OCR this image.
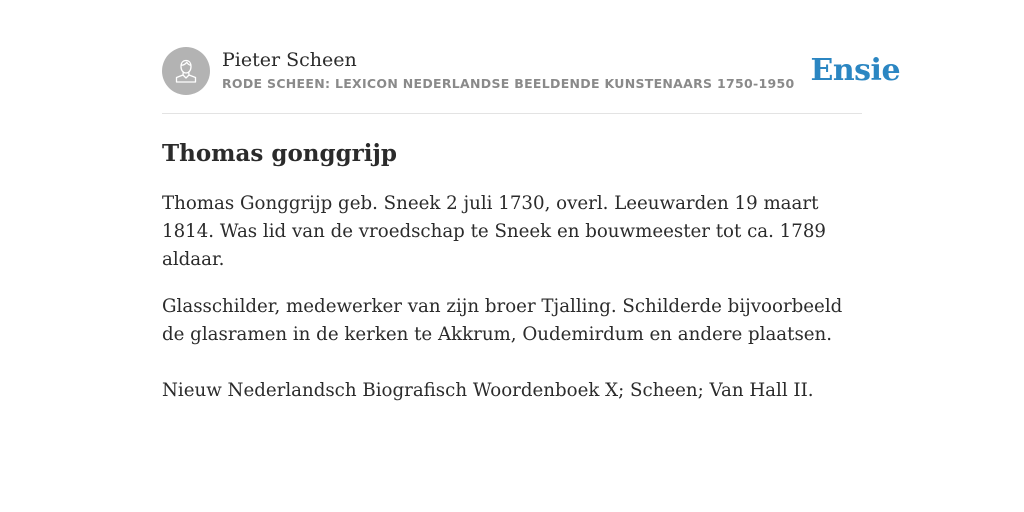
Pieter Scheen
RODE SCHEEN: LEXICON NEDERLANDSE BEELDENDE KUNSTENAARS 1750-1950 Ensie
Thomas gonggrijp

Thomas Gonggrijp geb. Sneek 2 juli 1730, overl. Leeuwarden 19 maart 1814. Was lid van de vroedschap te Sneek en bouwmeester tot ca. 1789 aldaar.

Glasschilder, medewerker van zijn broer Tjalling. Schilderde bijvoorbeeld de glasramen in de kerken te Akkrum, Oudemirdum en andere plaatsen.

Nieuw Nederlandsch Biografisch Woordenboek X; Scheen; Van Hall II.
